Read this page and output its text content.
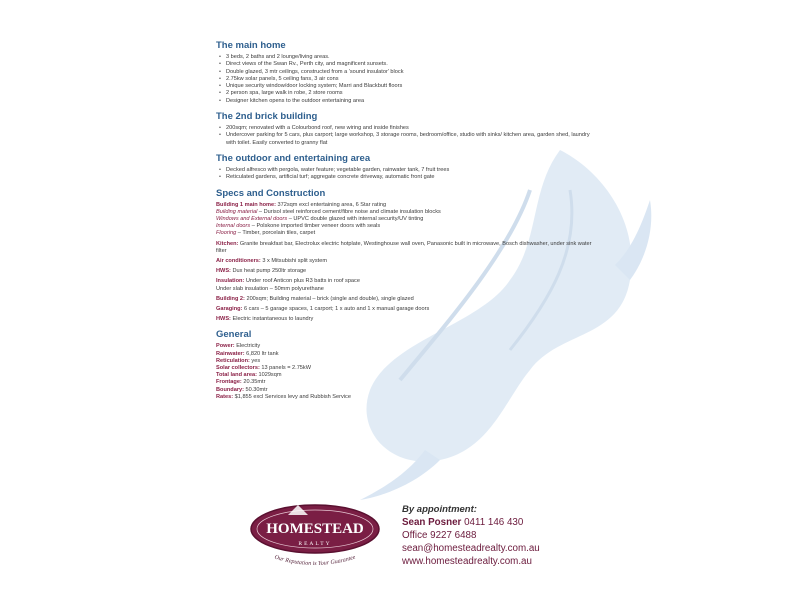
The main home
• 3 beds, 2 baths and 2 lounge/living areas.
• Direct views of the Swan Rv., Perth city, and magnificent sunsets.
• Double glazed, 3 mtr ceilings, constructed from a 'sound insulator' block
• 2.75kw solar panels, 5 ceiling fans, 3 air cons
• Unique security window/door locking system; Marri and Blackbutt floors
• 2 person spa, large walk in robe, 2 store rooms
• Designer kitchen opens to the outdoor entertaining area
The 2nd brick building
• 200sqm; renovated with a Colourbond roof, new wiring and inside finishes
• Undercover parking for 5 cars, plus carport; large workshop, 3 storage rooms, bedroom/office, studio with sinks/ kitchen area, garden shed, laundry with toilet. Easily converted to granny flat
The outdoor and entertaining area
• Decked alfresco with pergola, water feature; vegetable garden, rainwater tank, 7 fruit trees
• Reticulated gardens, artificial turf; aggregate concrete driveway, automatic front gate
Specs and Construction
Building 1 main home: 372sqm excl entertaining area, 6 Star rating
Building material – Durisol steel reinforced cement/fibre noise and climate insulation blocks
Windows and External doors – UPVC double glazed with internal security/UV tinting
Internal doors – Polskone imported timber veneer doors with seals
Flooring – Timber, porcelain tiles, carpet
Kitchen: Granite breakfast bar, Electrolux electric hotplate, Westinghouse wall oven, Panasonic built in microwave, Bosch dishwasher, under sink water filter
Air conditioners: 3 x Mitsubishi split system
HWS: Dux heat pump 250ltr storage
Insulation: Under roof Anticon plus R3 batts in roof space
Under slab insulation – 50mm polyurethane
Building 2: 200sqm; Building material – brick (single and double), single glazed
Garaging: 6 cars – 5 garage spaces, 1 carport; 1 x auto and 1 x manual garage doors
HWS: Electric instantaneous to laundry
General
Power: Electricity
Rainwater: 6,820 ltr tank
Reticulation: yes
Solar collectors: 13 panels = 2.75kW
Total land area: 1029sqm
Frontage: 20.35mtr
Boundary: 50.30mtr
Rates: $1,855 excl Services levy and Rubbish Service
HOMESTEAD
REALTY
Our Reputation is Your Guarantee
By appointment:
Sean Posner 0411 146 430
Office 9227 6488
sean@homesteadrealty.com.au
www.homesteadrealty.com.au
